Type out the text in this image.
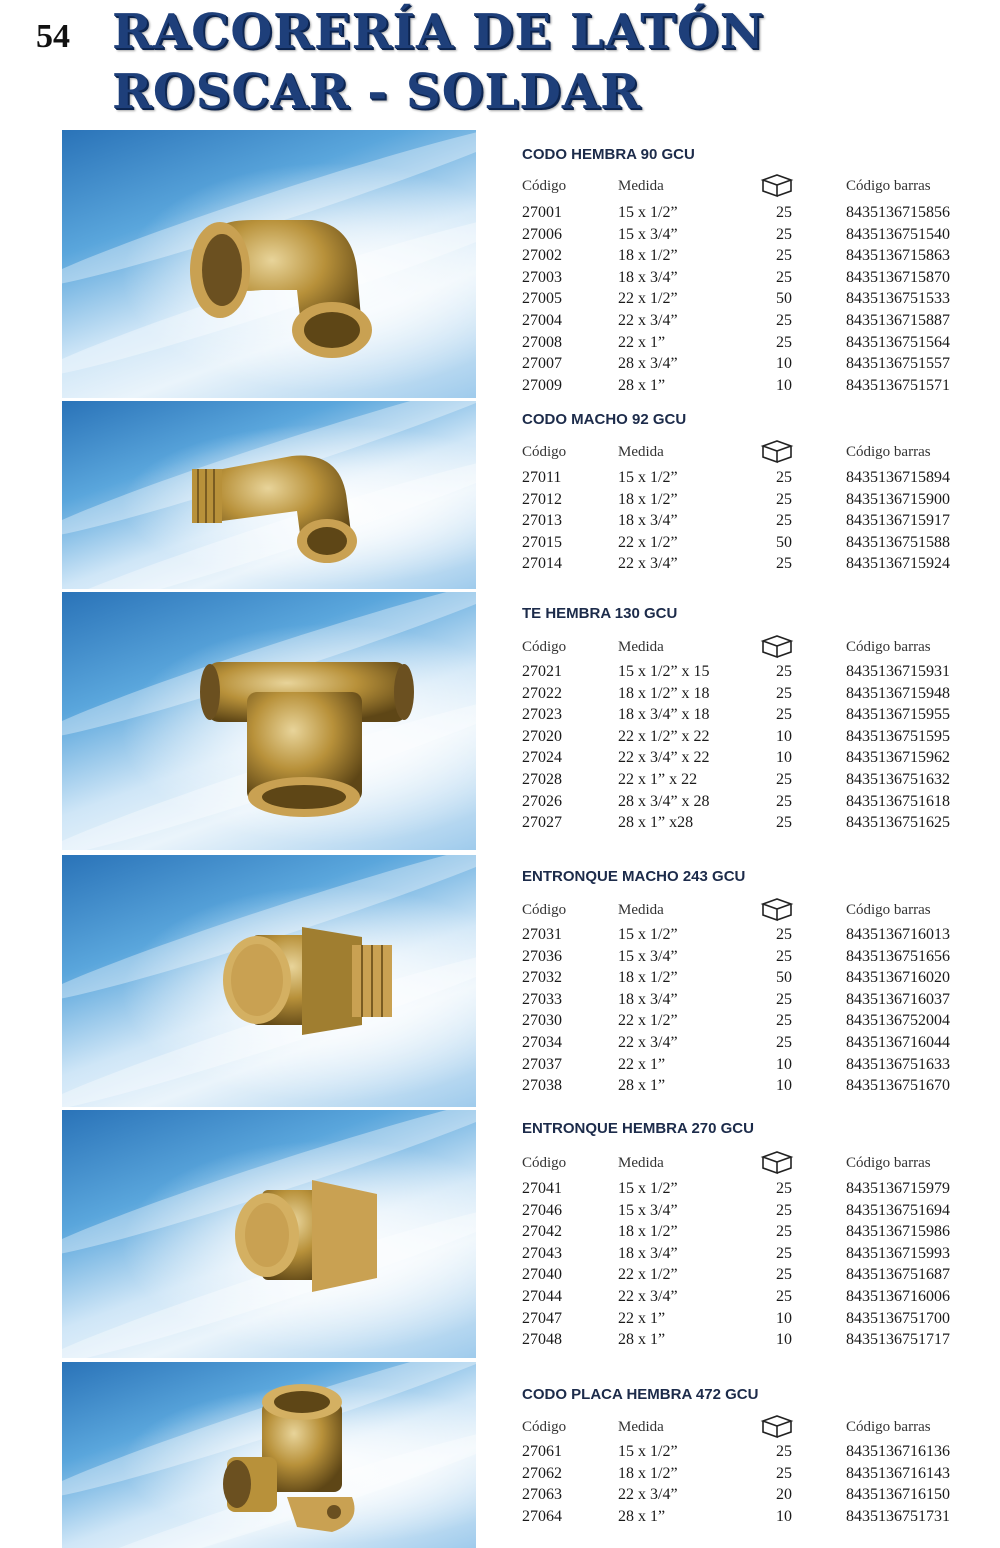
54 RACORERÍA DE LATÓN
ROSCAR - SOLDAR
CODO HEMBRA 90 GCU
Código	Medida	Código barras
27001	15 x 1/2”	25	8435136715856
27006	15 x 3/4”	25	8435136751540
27002	18 x 1/2”	25	8435136715863
27003	18 x 3/4”	25	8435136715870
27005	22 x 1/2”	50	8435136751533
27004	22 x 3/4”	25	8435136715887
27008	22 x 1”	25	8435136751564
27007	28 x 3/4”	10	8435136751557
27009	28 x 1”	10	8435136751571
CODO MACHO 92 GCU
Código	Medida	Código barras
27011	15 x 1/2”	25	8435136715894
27012	18 x 1/2”	25	8435136715900
27013	18 x 3/4”	25	8435136715917
27015	22 x 1/2”	50	8435136751588
27014	22 x 3/4”	25	8435136715924
TE HEMBRA 130 GCU
Código	Medida	Código barras
27021	15 x 1/2” x 15	25	8435136715931
27022	18 x 1/2” x 18	25	8435136715948
27023	18 x 3/4” x 18	25	8435136715955
27020	22 x 1/2” x 22	10	8435136751595
27024	22 x 3/4” x 22	10	8435136715962
27028	22 x 1” x 22	25	8435136751632
27026	28 x 3/4” x 28	25	8435136751618
27027	28 x 1” x28	25	8435136751625
ENTRONQUE MACHO 243 GCU
Código	Medida	Código barras
27031	15 x 1/2”	25	8435136716013
27036	15 x 3/4”	25	8435136751656
27032	18 x 1/2”	50	8435136716020
27033	18 x 3/4”	25	8435136716037
27030	22 x 1/2”	25	8435136752004
27034	22 x 3/4”	25	8435136716044
27037	22 x 1”	10	8435136751633
27038	28 x 1”	10	8435136751670
ENTRONQUE HEMBRA 270 GCU
Código	Medida	Código barras
27041	15 x 1/2”	25	8435136715979
27046	15 x 3/4”	25	8435136751694
27042	18 x 1/2”	25	8435136715986
27043	18 x 3/4”	25	8435136715993
27040	22 x 1/2”	25	8435136751687
27044	22 x 3/4”	25	8435136716006
27047	22 x 1”	10	8435136751700
27048	28 x 1”	10	8435136751717
CODO PLACA HEMBRA 472 GCU
Código	Medida	Código barras
27061	15 x 1/2”	25	8435136716136
27062	18 x 1/2”	25	8435136716143
27063	22 x 3/4”	20	8435136716150
27064	28 x 1”	10	8435136751731
